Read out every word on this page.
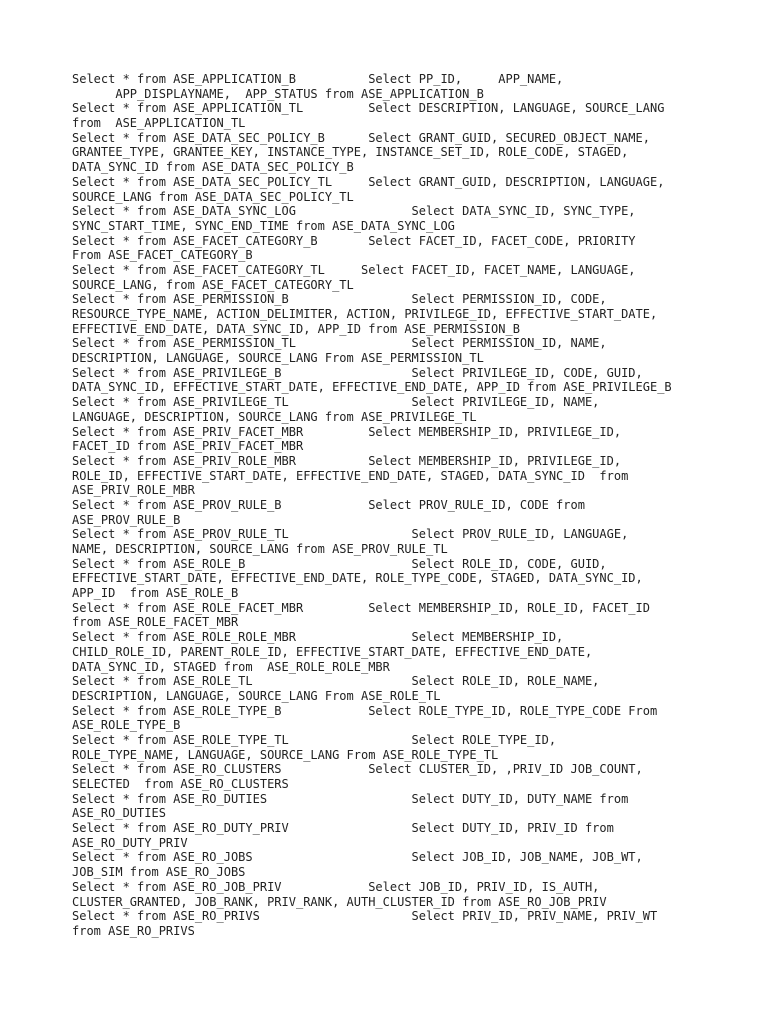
Select * from ASE_APPLICATION_B          Select PP_ID,     APP_NAME,
APP_DISPLAYNAME,  APP_STATUS from ASE_APPLICATION_B
Select * from ASE_APPLICATION_TL         Select DESCRIPTION, LANGUAGE, SOURCE_LANG
from  ASE_APPLICATION_TL
Select * from ASE_DATA_SEC_POLICY_B      Select GRANT_GUID, SECURED_OBJECT_NAME,
GRANTEE_TYPE, GRANTEE_KEY, INSTANCE_TYPE, INSTANCE_SET_ID, ROLE_CODE, STAGED,
DATA_SYNC_ID from ASE_DATA_SEC_POLICY_B
Select * from ASE_DATA_SEC_POLICY_TL     Select GRANT_GUID, DESCRIPTION, LANGUAGE,
SOURCE_LANG from ASE_DATA_SEC_POLICY_TL
Select * from ASE_DATA_SYNC_LOG                Select DATA_SYNC_ID, SYNC_TYPE,
SYNC_START_TIME, SYNC_END_TIME from ASE_DATA_SYNC_LOG
Select * from ASE_FACET_CATEGORY_B       Select FACET_ID, FACET_CODE, PRIORITY
From ASE_FACET_CATEGORY_B
Select * from ASE_FACET_CATEGORY_TL     Select FACET_ID, FACET_NAME, LANGUAGE,
SOURCE_LANG, from ASE_FACET_CATEGORY_TL
Select * from ASE_PERMISSION_B                 Select PERMISSION_ID, CODE,
RESOURCE_TYPE_NAME, ACTION_DELIMITER, ACTION, PRIVILEGE_ID, EFFECTIVE_START_DATE,
EFFECTIVE_END_DATE, DATA_SYNC_ID, APP_ID from ASE_PERMISSION_B
Select * from ASE_PERMISSION_TL                Select PERMISSION_ID, NAME,
DESCRIPTION, LANGUAGE, SOURCE_LANG From ASE_PERMISSION_TL
Select * from ASE_PRIVILEGE_B                  Select PRIVILEGE_ID, CODE, GUID,
DATA_SYNC_ID, EFFECTIVE_START_DATE, EFFECTIVE_END_DATE, APP_ID from ASE_PRIVILEGE_B
Select * from ASE_PRIVILEGE_TL                 Select PRIVILEGE_ID, NAME,
LANGUAGE, DESCRIPTION, SOURCE_LANG from ASE_PRIVILEGE_TL
Select * from ASE_PRIV_FACET_MBR         Select MEMBERSHIP_ID, PRIVILEGE_ID,
FACET_ID from ASE_PRIV_FACET_MBR
Select * from ASE_PRIV_ROLE_MBR          Select MEMBERSHIP_ID, PRIVILEGE_ID,
ROLE_ID, EFFECTIVE_START_DATE, EFFECTIVE_END_DATE, STAGED, DATA_SYNC_ID  from
ASE_PRIV_ROLE_MBR
Select * from ASE_PROV_RULE_B            Select PROV_RULE_ID, CODE from
ASE_PROV_RULE_B
Select * from ASE_PROV_RULE_TL                 Select PROV_RULE_ID, LANGUAGE,
NAME, DESCRIPTION, SOURCE_LANG from ASE_PROV_RULE_TL
Select * from ASE_ROLE_B                       Select ROLE_ID, CODE, GUID,
EFFECTIVE_START_DATE, EFFECTIVE_END_DATE, ROLE_TYPE_CODE, STAGED, DATA_SYNC_ID,
APP_ID  from ASE_ROLE_B
Select * from ASE_ROLE_FACET_MBR         Select MEMBERSHIP_ID, ROLE_ID, FACET_ID
from ASE_ROLE_FACET_MBR
Select * from ASE_ROLE_ROLE_MBR                Select MEMBERSHIP_ID,
CHILD_ROLE_ID, PARENT_ROLE_ID, EFFECTIVE_START_DATE, EFFECTIVE_END_DATE,
DATA_SYNC_ID, STAGED from  ASE_ROLE_ROLE_MBR
Select * from ASE_ROLE_TL                      Select ROLE_ID, ROLE_NAME,
DESCRIPTION, LANGUAGE, SOURCE_LANG From ASE_ROLE_TL
Select * from ASE_ROLE_TYPE_B            Select ROLE_TYPE_ID, ROLE_TYPE_CODE From
ASE_ROLE_TYPE_B
Select * from ASE_ROLE_TYPE_TL                 Select ROLE_TYPE_ID,
ROLE_TYPE_NAME, LANGUAGE, SOURCE_LANG From ASE_ROLE_TYPE_TL
Select * from ASE_RO_CLUSTERS            Select CLUSTER_ID, ,PRIV_ID JOB_COUNT,
SELECTED  from ASE_RO_CLUSTERS
Select * from ASE_RO_DUTIES                    Select DUTY_ID, DUTY_NAME from
ASE_RO_DUTIES
Select * from ASE_RO_DUTY_PRIV                 Select DUTY_ID, PRIV_ID from
ASE_RO_DUTY_PRIV
Select * from ASE_RO_JOBS                      Select JOB_ID, JOB_NAME, JOB_WT,
JOB_SIM from ASE_RO_JOBS
Select * from ASE_RO_JOB_PRIV            Select JOB_ID, PRIV_ID, IS_AUTH,
CLUSTER_GRANTED, JOB_RANK, PRIV_RANK, AUTH_CLUSTER_ID from ASE_RO_JOB_PRIV
Select * from ASE_RO_PRIVS                     Select PRIV_ID, PRIV_NAME, PRIV_WT
from ASE_RO_PRIVS
